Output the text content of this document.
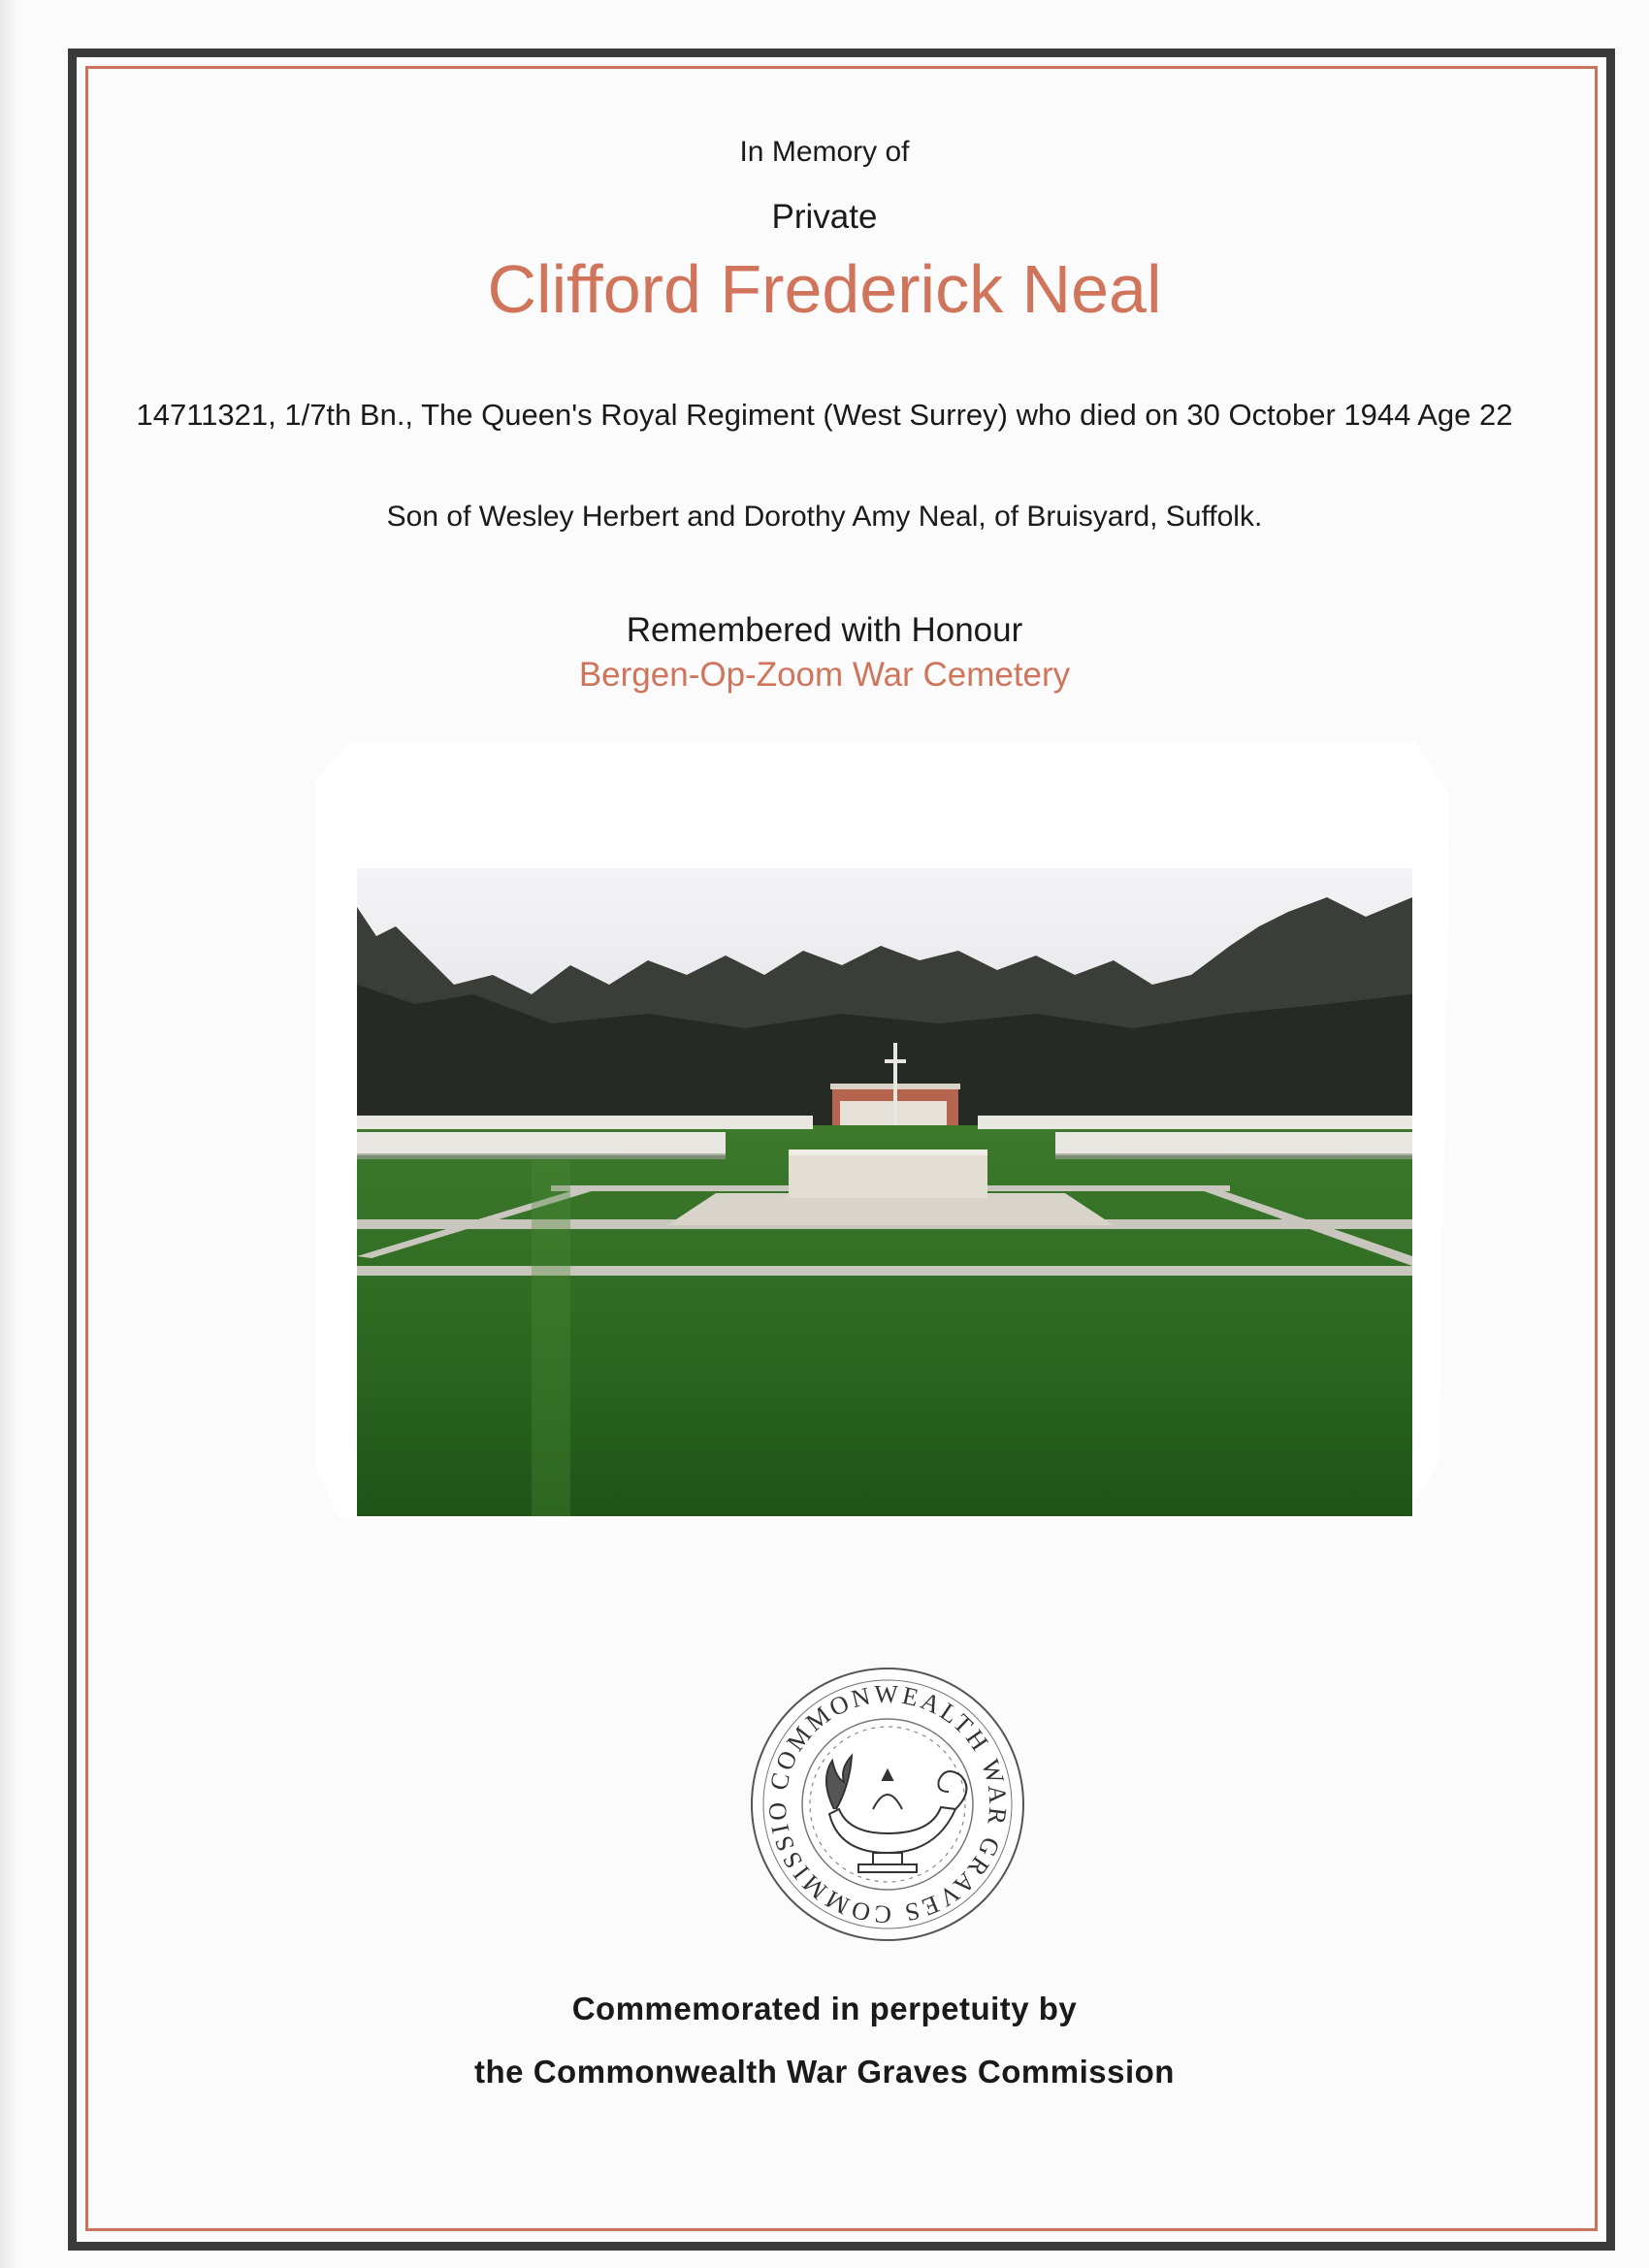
In Memory of
Private
Clifford Frederick Neal
14711321, 1/7th Bn., The Queen's Royal Regiment (West Surrey) who died on 30 October 1944 Age 22
Son of Wesley Herbert and Dorothy Amy Neal, of Bruisyard, Suffolk.
Remembered with Honour
Bergen-Op-Zoom War Cemetery
COMMONWEALTH WAR GRAVES COMMISSIO
Commemorated in perpetuity by
the Commonwealth War Graves Commission
